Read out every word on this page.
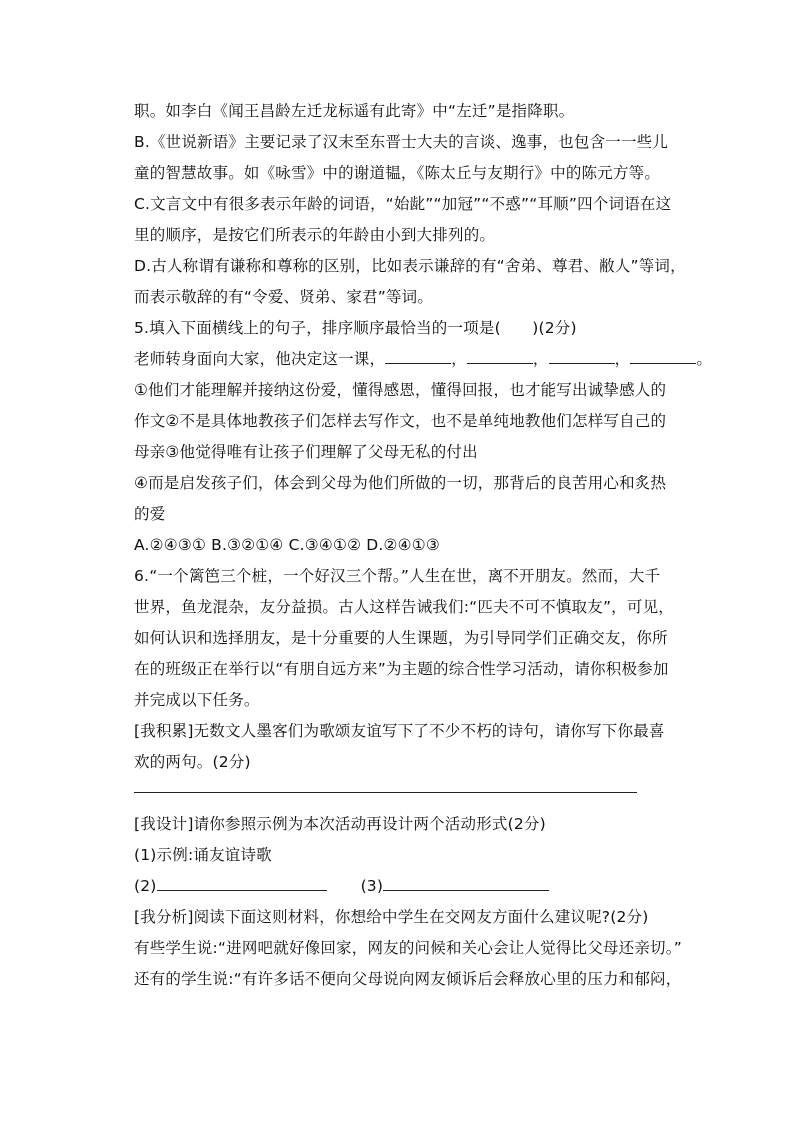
职。如李白《闻王昌龄左迁龙标遥有此寄》中“左迁”是指降职。
B.《世说新语》主要记录了汉末至东晋士大夫的言谈、逸事，也包含一一些儿
童的智慧故事。如《咏雪》中的谢道韫，《陈太丘与友期行》中的陈元方等。
C.文言文中有很多表示年龄的词语，“始龀”“加冠”“不惑”“耳顺”四个词语在这
里的顺序，是按它们所表示的年龄由小到大排列的。
D.古人称谓有谦称和尊称的区别，比如表示谦辞的有“舍弟、尊君、敝人”等词，
而表示敬辞的有“令爱、贤弟、家君”等词。
5.填入下面横线上的句子，排序顺序最恰当的一项是(　　)(2分)
老师转身面向大家，他决定这一课，	，	，	，	。
①他们才能理解并接纳这份爱，懂得感恩，懂得回报，也才能写出诚挚感人的
作文②不是具体地教孩子们怎样去写作文，也不是单纯地教他们怎样写自己的
母亲③他觉得唯有让孩子们理解了父母无私的付出
④而是启发孩子们，体会到父母为他们所做的一切，那背后的良苦用心和炙热
的爱
A.②④③① B.③②①④ C.③④①② D.②④①③
6.“一个篱笆三个桩，一个好汉三个帮。”人生在世，离不开朋友。然而，大千
世界，鱼龙混杂，友分益损。古人这样告诫我们:“匹夫不可不慎取友”，可见，
如何认识和选择朋友，是十分重要的人生课题，为引导同学们正确交友，你所
在的班级正在举行以“有朋自远方来”为主题的综合性学习活动，请你积极参加
并完成以下任务。
[我积累]无数文人墨客们为歌颂友谊写下了不少不朽的诗句，请你写下你最喜
欢的两句。(2分)
[我设计]请你参照示例为本次活动再设计两个活动形式(2分)
(1)示例:诵友谊诗歌
(2)	(3)
[我分析]阅读下面这则材料，你想给中学生在交网友方面什么建议呢?(2分)
有些学生说:“进网吧就好像回家，网友的问候和关心会让人觉得比父母还亲切。”
还有的学生说:“有许多话不便向父母说向网友倾诉后会释放心里的压力和郁闷，
